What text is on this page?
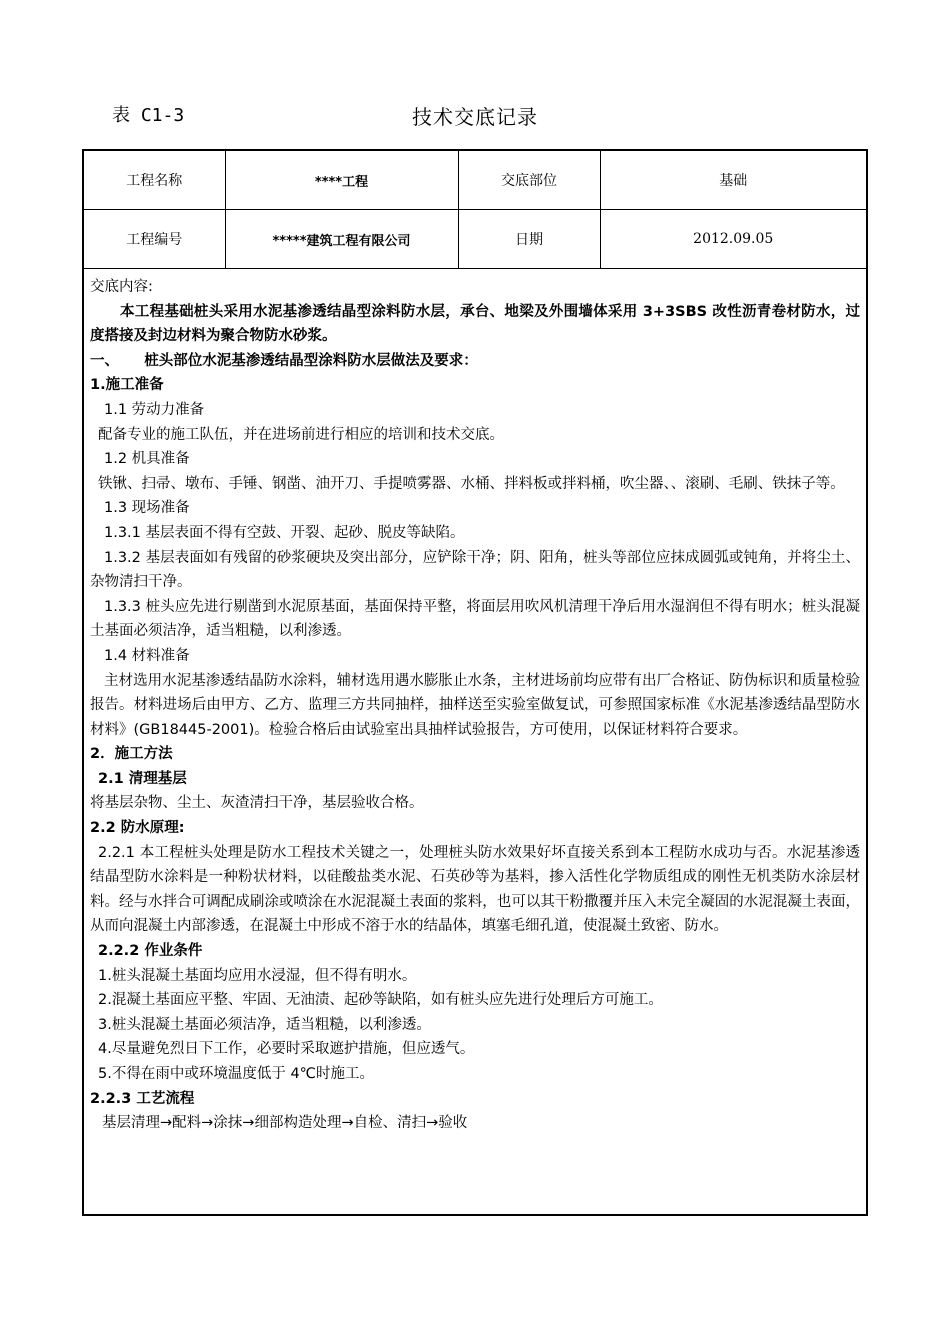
表 C1-3	技术交底记录
工程名称	****工程	交底部位	基础
工程编号	*****建筑工程有限公司	日期	2012.09.05

交底内容:

本工程基础桩头采用水泥基渗透结晶型涂料防水层，承台、地梁及外围墙体采用 3+3SBS 改性沥青卷材防水，过度搭接及封边材料为聚合物防水砂浆。

一、     桩头部位水泥基渗透结晶型涂料防水层做法及要求：

1.施工准备

1.1 劳动力准备

配备专业的施工队伍，并在进场前进行相应的培训和技术交底。

1.2 机具准备

铁锹、扫帚、墩布、手锤、钢凿、油开刀、手提喷雾器、水桶、拌料板或拌料桶，吹尘器、、滚刷、毛刷、铁抹子等。

1.3 现场准备

1.3.1 基层表面不得有空鼓、开裂、起砂、脱皮等缺陷。

1.3.2 基层表面如有残留的砂浆硬块及突出部分，应铲除干净；阴、阳角，桩头等部位应抹成圆弧或钝角，并将尘土、杂物清扫干净。

1.3.3 桩头应先进行剔凿到水泥原基面，基面保持平整，将面层用吹风机清理干净后用水湿润但不得有明水；桩头混凝土基面必须洁净，适当粗糙，以利渗透。

1.4 材料准备

主材选用水泥基渗透结晶防水涂料，辅材选用遇水膨胀止水条，主材进场前均应带有出厂合格证、防伪标识和质量检验报告。材料进场后由甲方、乙方、监理三方共同抽样，抽样送至实验室做复试，可参照国家标准《水泥基渗透结晶型防水材料》(GB18445-2001)。检验合格后由试验室出具抽样试验报告，方可使用，以保证材料符合要求。

2．施工方法

2.1 清理基层

将基层杂物、尘土、灰渣清扫干净，基层验收合格。

2.2 防水原理:

2.2.1 本工程桩头处理是防水工程技术关键之一，处理桩头防水效果好坏直接关系到本工程防水成功与否。水泥基渗透结晶型防水涂料是一种粉状材料，以硅酸盐类水泥、石英砂等为基料，掺入活性化学物质组成的刚性无机类防水涂层材料。经与水拌合可调配成刷涂或喷涂在水泥混凝土表面的浆料，也可以其干粉撒覆并压入未完全凝固的水泥混凝土表面，从而向混凝土内部渗透，在混凝土中形成不溶于水的结晶体，填塞毛细孔道，使混凝土致密、防水。

2.2.2 作业条件

1.桩头混凝土基面均应用水浸湿，但不得有明水。

2.混凝土基面应平整、牢固、无油渍、起砂等缺陷，如有桩头应先进行处理后方可施工。

3.桩头混凝土基面必须洁净，适当粗糙，以利渗透。

4.尽量避免烈日下工作，必要时采取遮护措施，但应透气。

5.不得在雨中或环境温度低于 4℃时施工。

2.2.3 工艺流程

基层清理→配料→涂抹→细部构造处理→自检、清扫→验收
